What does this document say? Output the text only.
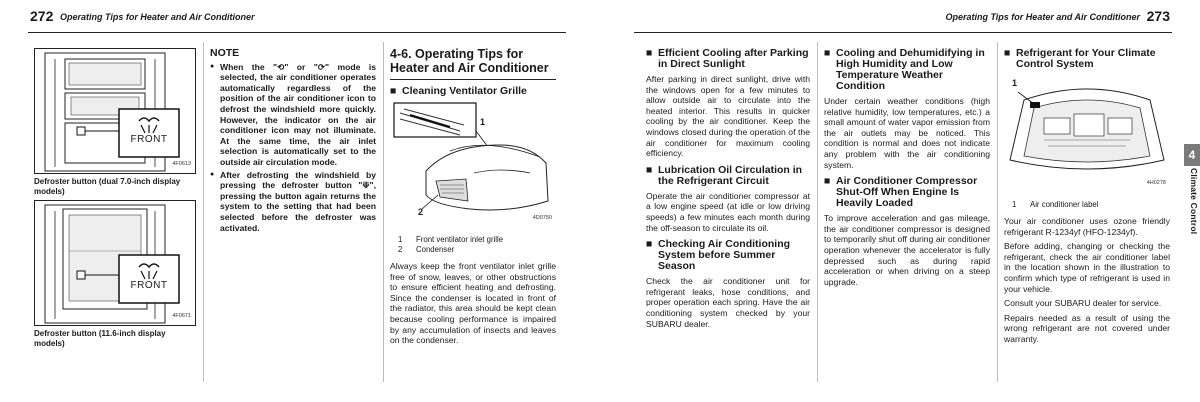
272 Operating Tips for Heater and Air Conditioner
FRONT
4F0613
Defroster button (dual 7.0-inch display models)
FRONT
4F0671
Defroster button (11.6-inch display models)
NOTE
● When the "⟲" or "⟳" mode is selected, the air conditioner operates automatically regardless of the position of the air conditioner icon to defrost the windshield more quickly. However, the indicator on the air conditioner icon may not illuminate. At the same time, the air inlet selection is automatically set to the outside air circulation mode.
● After defrosting the windshield by pressing the defroster button "⟱", pressing the button again returns the system to the setting that had been selected before the defroster was activated.
4-6. Operating Tips for Heater and Air Conditioner
■ Cleaning Ventilator Grille
1
2
4D0750
1 Front ventilator inlet grille
2 Condenser

Always keep the front ventilator inlet grille free of snow, leaves, or other obstructions to ensure efficient heating and defrosting. Since the condenser is located in front of the radiator, this area should be kept clean because cooling performance is impaired by any accumulation of insects and leaves on the condenser.

Operating Tips for Heater and Air Conditioner 273
■ Efficient Cooling after Parking in Direct Sunlight

After parking in direct sunlight, drive with the windows open for a few minutes to allow outside air to circulate into the heated interior. This results in quicker cooling by the air conditioner. Keep the windows closed during the operation of the air conditioner for maximum cooling efficiency.

■ Lubrication Oil Circulation in the Refrigerant Circuit

Operate the air conditioner compressor at a low engine speed (at idle or low driving speeds) a few minutes each month during the off-season to circulate its oil.

■ Checking Air Conditioning System before Summer Season

Check the air conditioner unit for refrigerant leaks, hose conditions, and proper operation each spring. Have the air conditioning system checked by your SUBARU dealer.

■ Cooling and Dehumidifying in High Humidity and Low Temperature Weather Condition

Under certain weather conditions (high relative humidity, low temperatures, etc.) a small amount of water vapor emission from the air outlets may be noticed. This condition is normal and does not indicate any problem with the air conditioning system.

■ Air Conditioner Compressor Shut-Off When Engine Is Heavily Loaded

To improve acceleration and gas mileage, the air conditioner compressor is designed to temporarily shut off during air conditioner operation whenever the accelerator is fully depressed such as during rapid acceleration or when driving on a steep upgrade.

■ Refrigerant for Your Climate Control System
1
4H0278
1 Air conditioner label

Your air conditioner uses ozone friendly refrigerant R-1234yf (HFO-1234yf).

Before adding, changing or checking the refrigerant, check the air conditioner label in the location shown in the illustration to confirm which type of refrigerant is used in your vehicle.

Consult your SUBARU dealer for service.

Repairs needed as a result of using the wrong refrigerant are not covered under warranty.

4
Climate Control
